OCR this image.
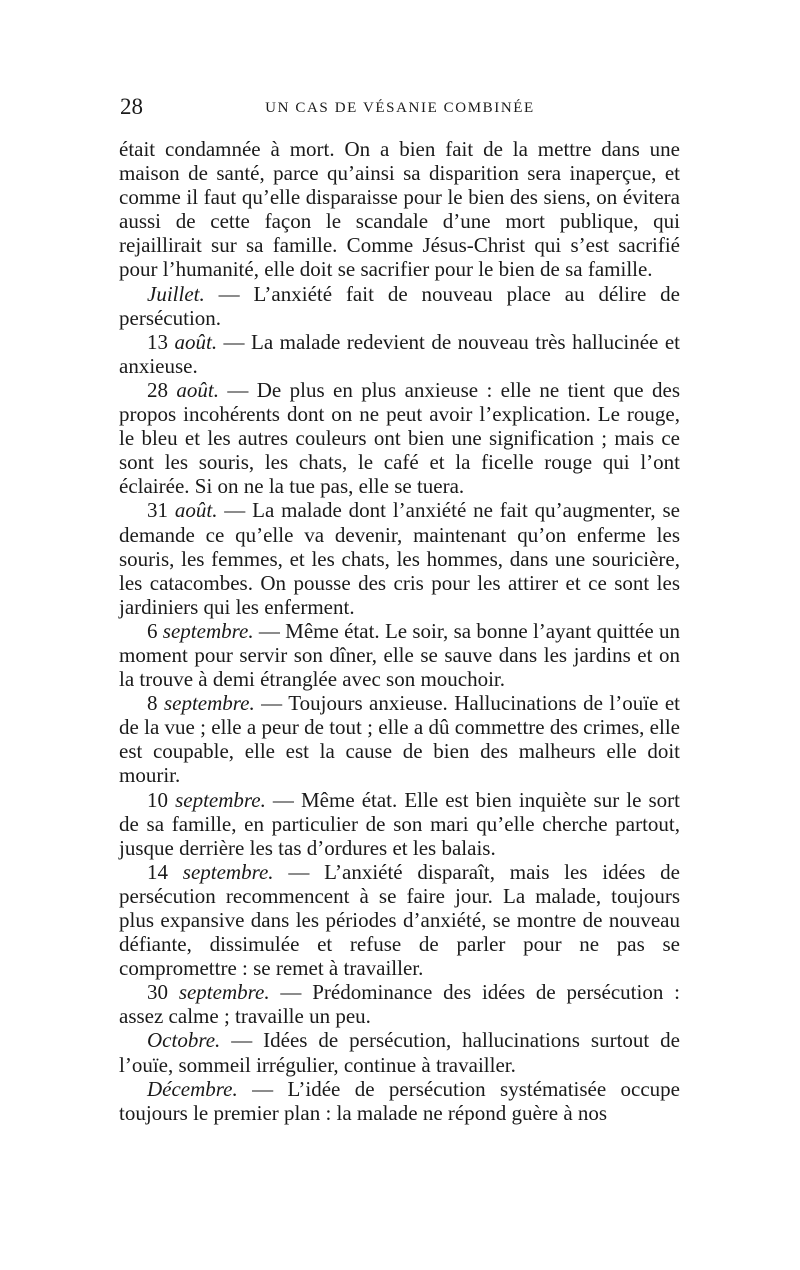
28	UN CAS DE VÉSANIE COMBINÉE

était condamnée à mort. On a bien fait de la mettre dans une maison de santé, parce qu’ainsi sa disparition sera inaperçue, et comme il faut qu’elle disparaisse pour le bien des siens, on évitera aussi de cette façon le scandale d’une mort publique, qui rejaillirait sur sa famille. Comme Jésus-Christ qui s’est sacrifié pour l’humanité, elle doit se sacrifier pour le bien de sa famille.

Juillet. — L’anxiété fait de nouveau place au délire de persécution.

13 août. — La malade redevient de nouveau très hallucinée et anxieuse.

28 août. — De plus en plus anxieuse : elle ne tient que des propos incohérents dont on ne peut avoir l’explication. Le rouge, le bleu et les autres couleurs ont bien une signification ; mais ce sont les souris, les chats, le café et la ficelle rouge qui l’ont éclairée. Si on ne la tue pas, elle se tuera.

31 août. — La malade dont l’anxiété ne fait qu’augmenter, se demande ce qu’elle va devenir, maintenant qu’on enferme les souris, les femmes, et les chats, les hommes, dans une souricière, les catacombes. On pousse des cris pour les attirer et ce sont les jardiniers qui les enferment.

6 septembre. — Même état. Le soir, sa bonne l’ayant quittée un moment pour servir son dîner, elle se sauve dans les jardins et on la trouve à demi étranglée avec son mouchoir.

8 septembre. — Toujours anxieuse. Hallucinations de l’ouïe et de la vue ; elle a peur de tout ; elle a dû commettre des crimes, elle est coupable, elle est la cause de bien des malheurs elle doit mourir.

10 septembre. — Même état. Elle est bien inquiète sur le sort de sa famille, en particulier de son mari qu’elle cherche partout, jusque derrière les tas d’ordures et les balais.

14 septembre. — L’anxiété disparaît, mais les idées de persécution recommencent à se faire jour. La malade, toujours plus expansive dans les périodes d’anxiété, se montre de nouveau défiante, dissimulée et refuse de parler pour ne pas se compromettre : se remet à travailler.

30 septembre. — Prédominance des idées de persécution : assez calme ; travaille un peu.

Octobre. — Idées de persécution, hallucinations surtout de l’ouïe, sommeil irrégulier, continue à travailler.

Décembre. — L’idée de persécution systématisée occupe toujours le premier plan : la malade ne répond guère à nos
